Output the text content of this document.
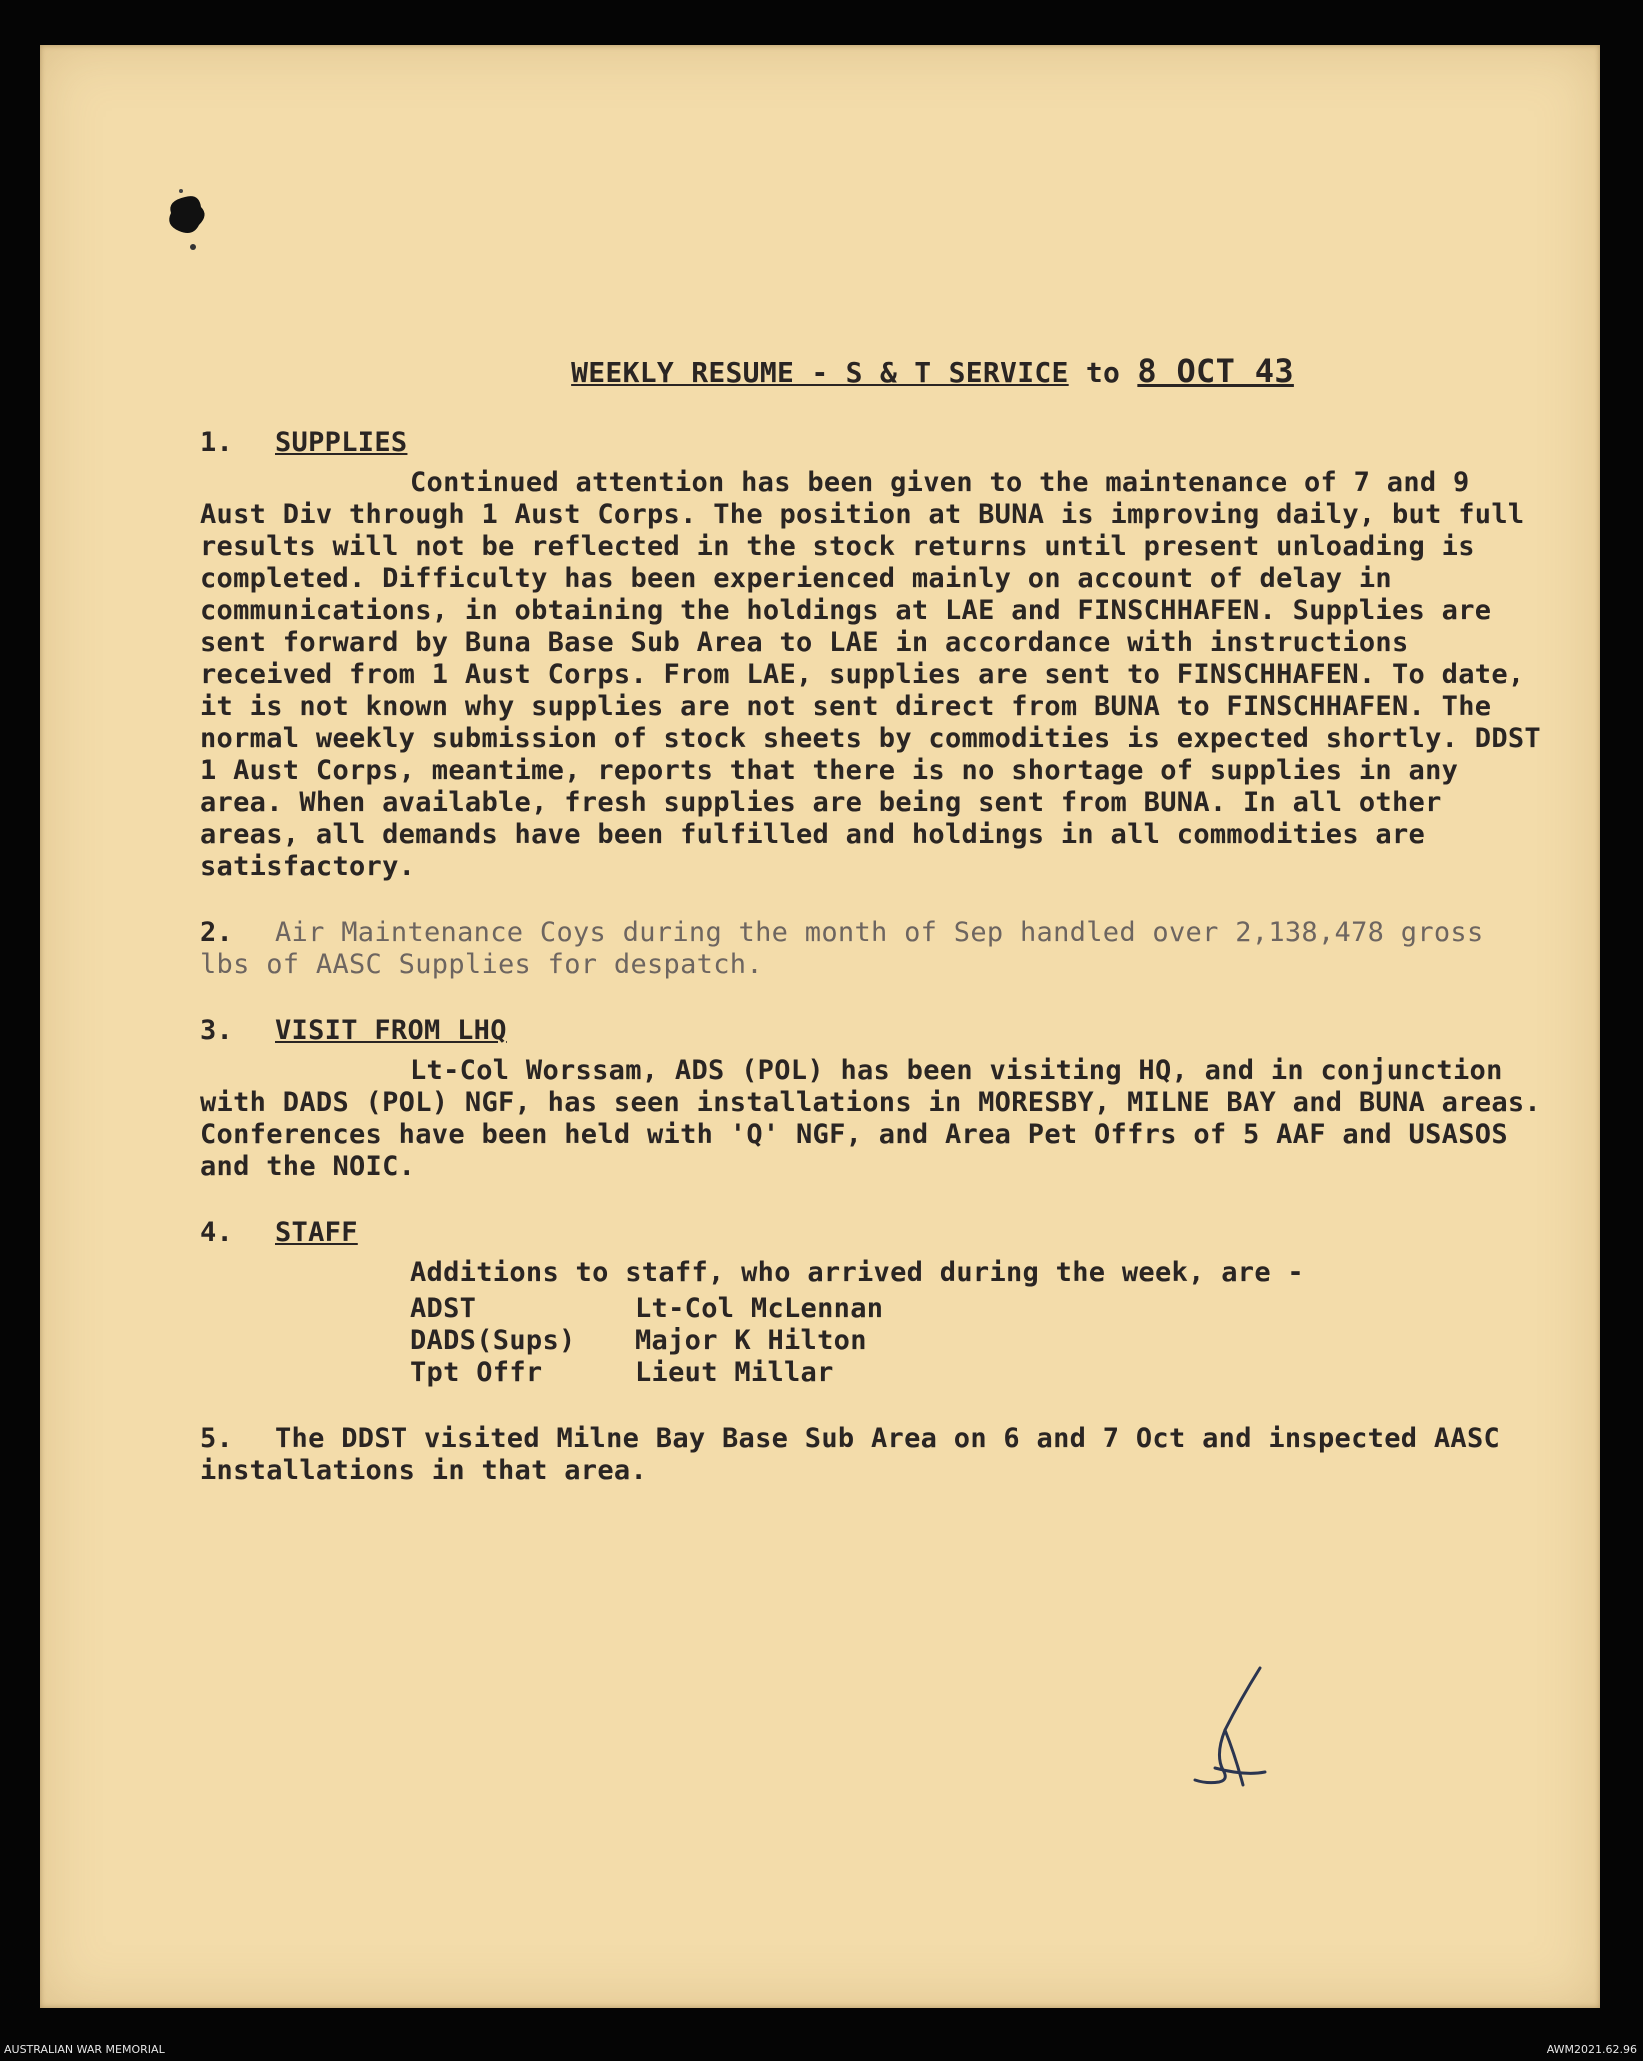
WEEKLY RESUME - S & T SERVICE to 8 OCT 43
1. SUPPLIES
Continued attention has been given to the maintenance of 7 and 9 Aust Div through 1 Aust Corps. The position at BUNA is improving daily, but full results will not be reflected in the stock returns until present unloading is completed. Difficulty has been experienced mainly on account of delay in communications, in obtaining the holdings at LAE and FINSCHHAFEN. Supplies are sent forward by Buna Base Sub Area to LAE in accordance with instructions received from 1 Aust Corps. From LAE, supplies are sent to FINSCHHAFEN. To date, it is not known why supplies are not sent direct from BUNA to FINSCHHAFEN. The normal weekly submission of stock sheets by commodities is expected shortly. DDST 1 Aust Corps, meantime, reports that there is no shortage of supplies in any area. When available, fresh supplies are being sent from BUNA. In all other areas, all demands have been fulfilled and holdings in all commodities are satisfactory.
2. Air Maintenance Coys during the month of Sep handled over 2,138,478 gross lbs of AASC Supplies for despatch.
3. VISIT FROM LHQ
Lt-Col Worssam, ADS (POL) has been visiting HQ, and in conjunction with DADS (POL) NGF, has seen installations in MORESBY, MILNE BAY and BUNA areas. Conferences have been held with 'Q' NGF, and Area Pet Offrs of 5 AAF and USASOS and the NOIC.
4. STAFF
Additions to staff, who arrived during the week, are -
ADST	Lt-Col McLennan
DADS(Sups)	Major K Hilton
Tpt Offr	Lieut Millar
5. The DDST visited Milne Bay Base Sub Area on 6 and 7 Oct and inspected AASC installations in that area.
AUSTRALIAN WAR MEMORIAL	AWM2021.62.96
